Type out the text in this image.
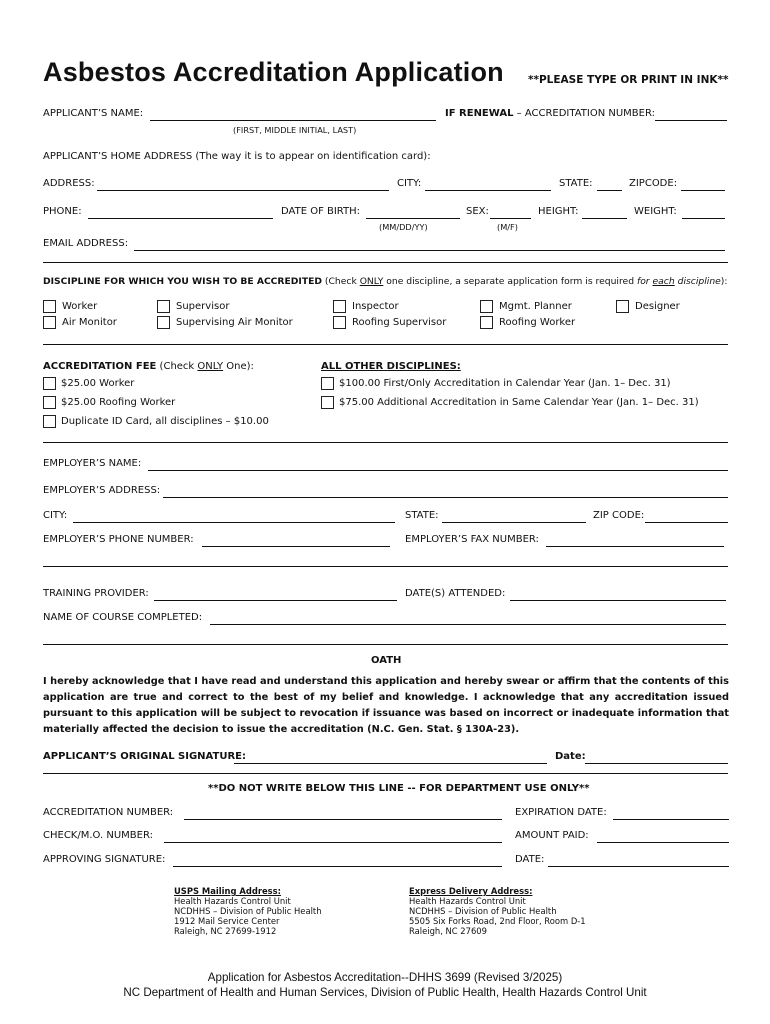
Asbestos Accreditation Application **PLEASE TYPE OR PRINT IN INK**
APPLICANT’S NAME:	IF RENEWAL – ACCREDITATION NUMBER:
(FIRST, MIDDLE INITIAL, LAST)
APPLICANT’S HOME ADDRESS (The way it is to appear on identification card):
ADDRESS:	CITY:	STATE:	ZIPCODE:
PHONE:	DATE OF BIRTH:	SEX:	HEIGHT:	WEIGHT:
(MM/DD/YY)	(M/F)
EMAIL ADDRESS:
DISCIPLINE FOR WHICH YOU WISH TO BE ACCREDITED (Check ONLY one discipline, a separate application form is required for each discipline):
Worker	Supervisor	Inspector	Mgmt. Planner	Designer
Air Monitor	Supervising Air Monitor	Roofing Supervisor	Roofing Worker
ACCREDITATION FEE (Check ONLY One):	ALL OTHER DISCIPLINES:
$25.00 Worker
$25.00 Roofing Worker
Duplicate ID Card, all disciplines – $10.00
$100.00 First/Only Accreditation in Calendar Year (Jan. 1– Dec. 31)
$75.00 Additional Accreditation in Same Calendar Year (Jan. 1– Dec. 31)
EMPLOYER’S NAME:
EMPLOYER’S ADDRESS:
CITY:	STATE:	ZIP CODE:
EMPLOYER’S PHONE NUMBER:	EMPLOYER’S FAX NUMBER:
TRAINING PROVIDER:	DATE(S) ATTENDED:
NAME OF COURSE COMPLETED:
OATH
I hereby acknowledge that I have read and understand this application and hereby swear or affirm that the contents of this application are true and correct to the best of my belief and knowledge. I acknowledge that any accreditation issued pursuant to this application will be subject to revocation if issuance was based on incorrect or inadequate information that materially affected the decision to issue the accreditation (N.C. Gen. Stat. § 130A-23).
APPLICANT’S ORIGINAL SIGNATURE:	Date:
**DO NOT WRITE BELOW THIS LINE -- FOR DEPARTMENT USE ONLY**
ACCREDITATION NUMBER:	EXPIRATION DATE:
CHECK/M.O. NUMBER:	AMOUNT PAID:
APPROVING SIGNATURE:	DATE:
USPS Mailing Address:
Health Hazards Control Unit
NCDHHS – Division of Public Health
1912 Mail Service Center
Raleigh, NC 27699-1912
Express Delivery Address:
Health Hazards Control Unit
NCDHHS – Division of Public Health
5505 Six Forks Road, 2nd Floor, Room D-1
Raleigh, NC 27609
Application for Asbestos Accreditation--DHHS 3699 (Revised 3/2025)
NC Department of Health and Human Services, Division of Public Health, Health Hazards Control Unit
